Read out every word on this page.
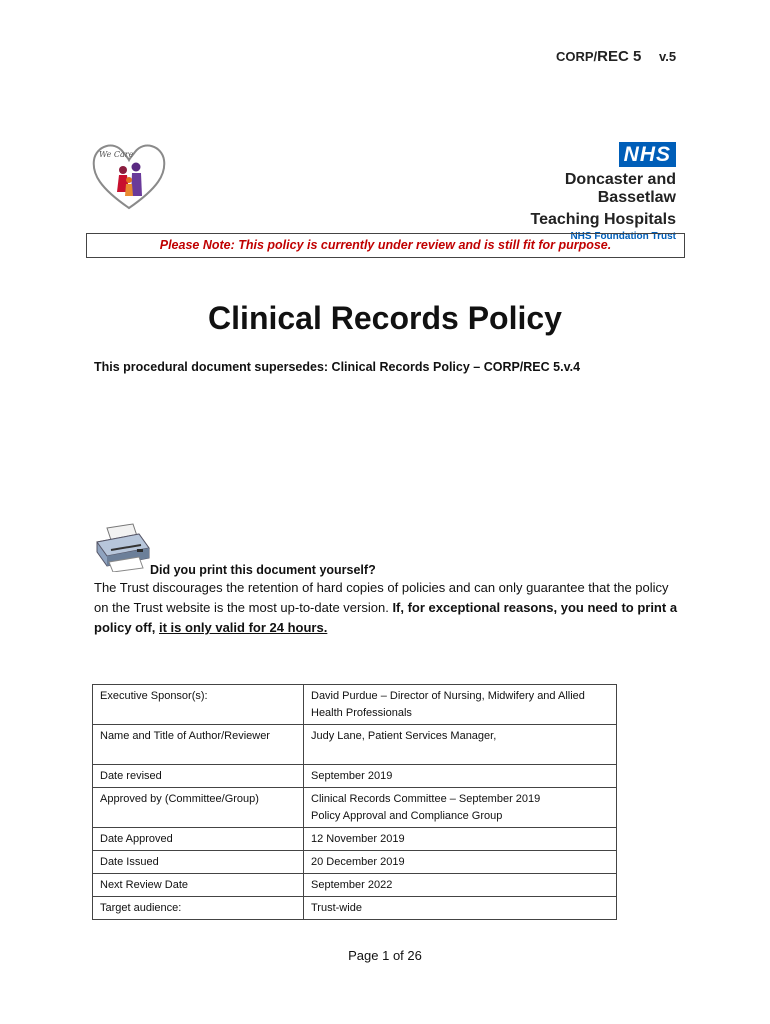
CORP/REC 5 v.5
We Care	NHS
Doncaster and Bassetlaw
Teaching Hospitals
NHS Foundation Trust
Please Note: This policy is currently under review and is still fit for purpose.
Clinical Records Policy
This procedural document supersedes: Clinical Records Policy – CORP/REC 5.v.4
Did you print this document yourself?
The Trust discourages the retention of hard copies of policies and can only guarantee that the policy on the Trust website is the most up-to-date version. If, for exceptional reasons, you need to print a policy off, it is only valid for 24 hours.
Executive Sponsor(s):	David Purdue – Director of Nursing, Midwifery and Allied Health Professionals
Name and Title of Author/Reviewer	Judy Lane, Patient Services Manager,
Date revised	September 2019
Approved by (Committee/Group)	Clinical Records Committee – September 2019
Policy Approval and Compliance Group

Date Approved	12 November 2019
Date Issued	20 December 2019
Next Review Date	September 2022
Target audience:	Trust-wide
Page 1 of 26
